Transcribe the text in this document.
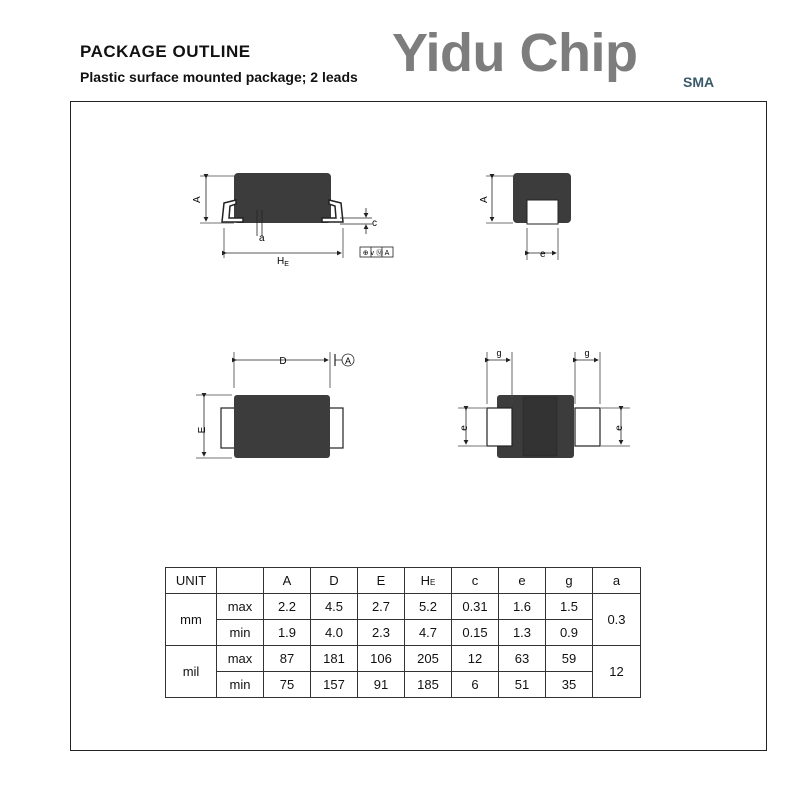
PACKAGE OUTLINE
Plastic surface mounted package; 2 leads Yidu Chip	SMA
⊕ v Ⓜ A
A
a
c
$H_E$
A
e
A
D
E
g	g
e	e
UNIT		A	D	E	HE	c	e	g	a
mm	max	2.2	4.5	2.7	5.2	0.31	1.6	1.5	0.3
	min	1.9	4.0	2.3	4.7	0.15	1.3	0.9	
mil	max	87	181	106	205	12	63	59	12
	min	75	157	91	185	6	51	35	
